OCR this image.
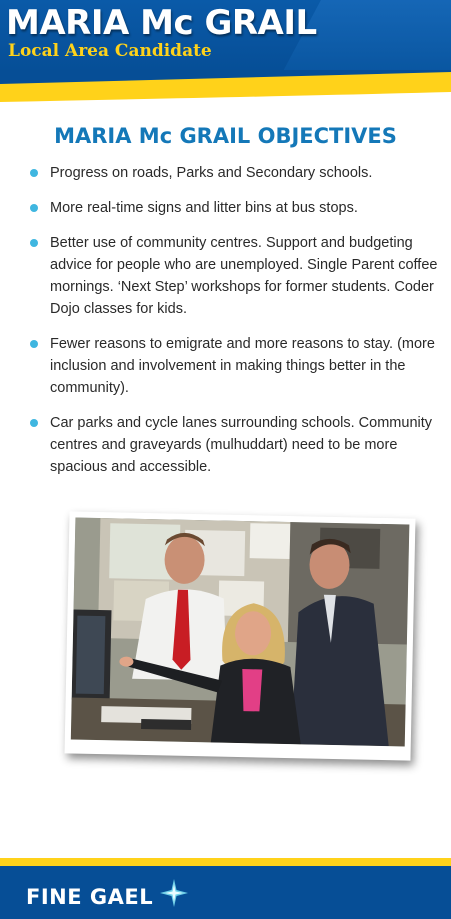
MARIA Mc GRAIL
Local Area Candidate
MARIA Mc GRAIL OBJECTIVES
Progress on roads, Parks and Secondary schools.
More real-time signs and litter bins at bus stops.
Better use of community centres. Support and budgeting advice for people who are unemployed. Single Parent coffee mornings. ‘Next Step’ workshops for former students. Coder Dojo classes for kids.
Fewer reasons to emigrate and more reasons to stay. (more inclusion and involvement in making things better in the community).
Car parks and cycle lanes surrounding schools. Community centres and graveyards (mulhuddart) need to be more spacious and accessible.
FINE GAEL
